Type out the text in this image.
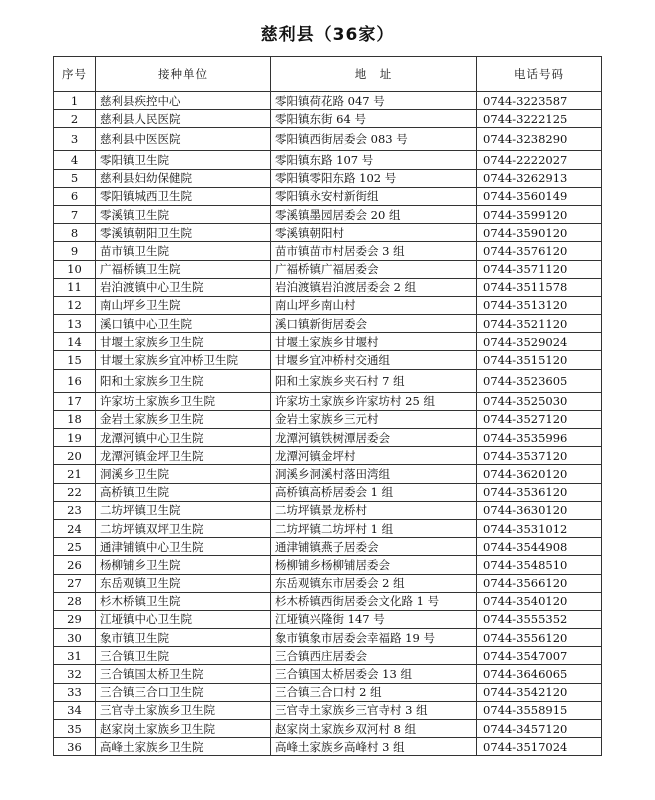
慈利县（36家）
序号	接种单位	地　址	电话号码
1	慈利县疾控中心	零阳镇荷花路 047 号	0744-3223587
2	慈利县人民医院	零阳镇东街 64 号	0744-3222125
3	慈利县中医医院	零阳镇西街居委会 083 号	0744-3238290
4	零阳镇卫生院	零阳镇东路 107 号	0744-2222027
5	慈利县妇幼保健院	零阳镇零阳东路 102 号	0744-3262913
6	零阳镇城西卫生院	零阳镇永安村新街组	0744-3560149
7	零溪镇卫生院	零溪镇墨园居委会 20 组	0744-3599120
8	零溪镇朝阳卫生院	零溪镇朝阳村	0744-3590120
9	苗市镇卫生院	苗市镇苗市村居委会 3 组	0744-3576120
10	广福桥镇卫生院	广福桥镇广福居委会	0744-3571120
11	岩泊渡镇中心卫生院	岩泊渡镇岩泊渡居委会 2 组	0744-3511578
12	南山坪乡卫生院	南山坪乡南山村	0744-3513120
13	溪口镇中心卫生院	溪口镇新街居委会	0744-3521120
14	甘堰土家族乡卫生院	甘堰土家族乡甘堰村	0744-3529024
15	甘堰土家族乡宜冲桥卫生院	甘堰乡宜冲桥村交通组	0744-3515120
16	阳和土家族乡卫生院	阳和土家族乡夹石村 7 组	0744-3523605
17	许家坊土家族乡卫生院	许家坊土家族乡许家坊村 25 组	0744-3525030
18	金岩土家族乡卫生院	金岩土家族乡三元村	0744-3527120
19	龙潭河镇中心卫生院	龙潭河镇铁树潭居委会	0744-3535996
20	龙潭河镇金坪卫生院	龙潭河镇金坪村	0744-3537120
21	洞溪乡卫生院	洞溪乡洞溪村落田湾组	0744-3620120
22	高桥镇卫生院	高桥镇高桥居委会 1 组	0744-3536120
23	二坊坪镇卫生院	二坊坪镇景龙桥村	0744-3630120
24	二坊坪镇双坪卫生院	二坊坪镇二坊坪村 1 组	0744-3531012
25	通津铺镇中心卫生院	通津铺镇燕子居委会	0744-3544908
26	杨柳铺乡卫生院	杨柳铺乡杨柳铺居委会	0744-3548510
27	东岳观镇卫生院	东岳观镇东市居委会 2 组	0744-3566120
28	杉木桥镇卫生院	杉木桥镇西街居委会文化路 1 号	0744-3540120
29	江垭镇中心卫生院	江垭镇兴隆街 147 号	0744-3555352
30	象市镇卫生院	象市镇象市居委会幸福路 19 号	0744-3556120
31	三合镇卫生院	三合镇西庄居委会	0744-3547007
32	三合镇国太桥卫生院	三合镇国太桥居委会 13 组	0744-3646065
33	三合镇三合口卫生院	三合镇三合口村 2 组	0744-3542120
34	三官寺土家族乡卫生院	三官寺土家族乡三官寺村 3 组	0744-3558915
35	赵家岗土家族乡卫生院	赵家岗土家族乡双河村 8 组	0744-3457120
36	高峰土家族乡卫生院	高峰土家族乡高峰村 3 组	0744-3517024
